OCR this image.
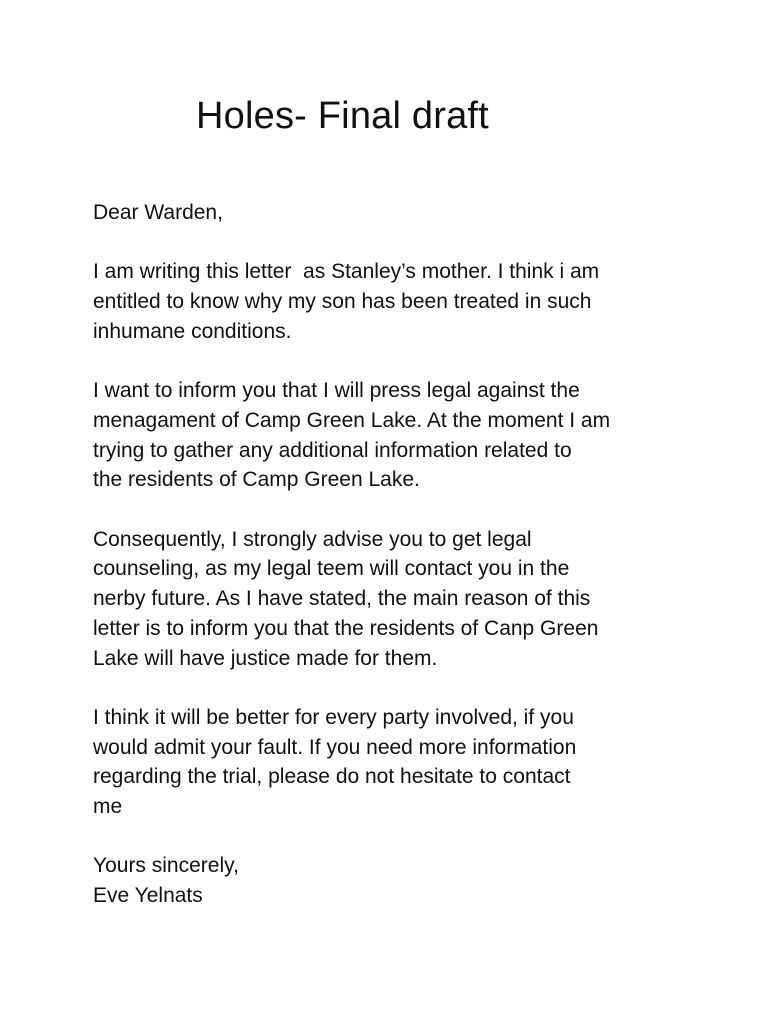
Holes- Final draft

Dear Warden,

I am writing this letter  as Stanley’s mother. I think i am
entitled to know why my son has been treated in such
inhumane conditions.

I want to inform you that I will press legal against the
menagament of Camp Green Lake. At the moment I am
trying to gather any additional information related to
the residents of Camp Green Lake.

Consequently, I strongly advise you to get legal
counseling, as my legal teem will contact you in the
nerby future. As I have stated, the main reason of this
letter is to inform you that the residents of Canp Green
Lake will have justice made for them.

I think it will be better for every party involved, if you
would admit your fault. If you need more information
regarding the trial, please do not hesitate to contact
me

Yours sincerely,
Eve Yelnats
